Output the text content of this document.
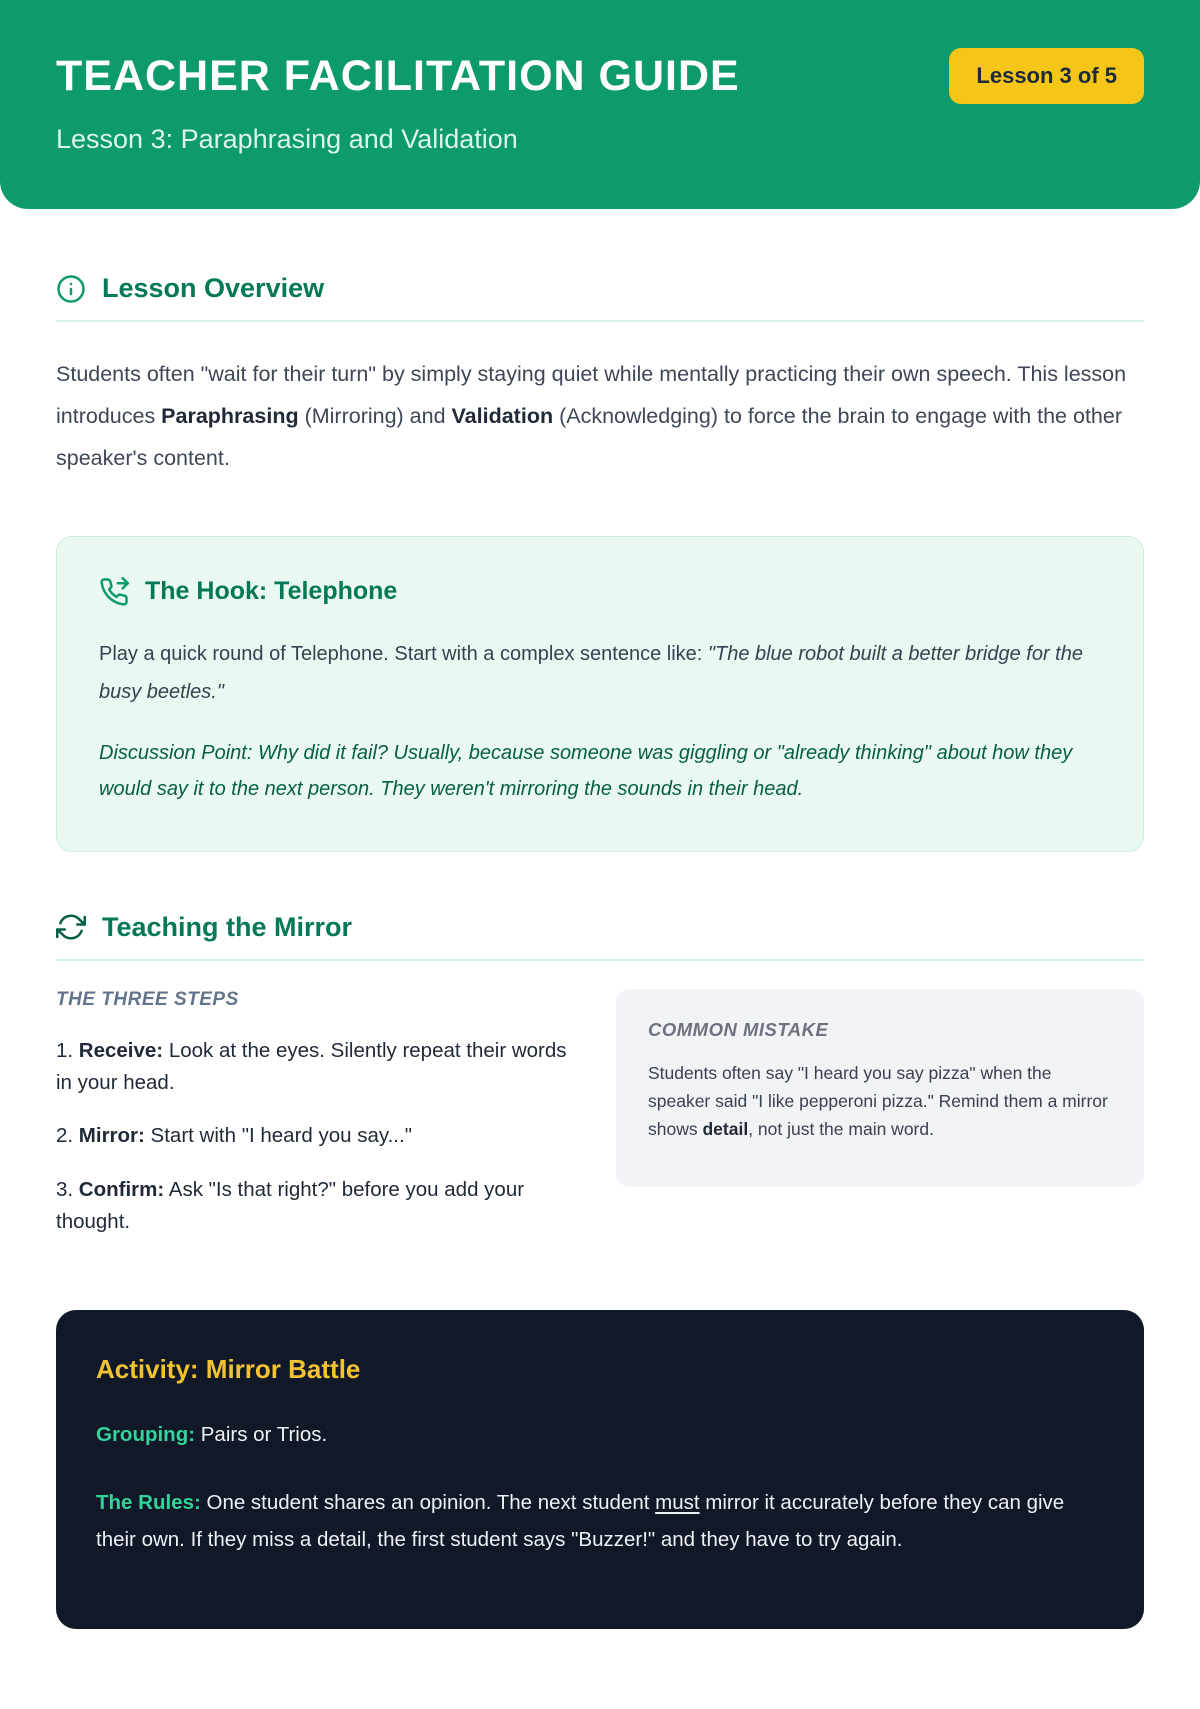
TEACHER FACILITATION GUIDE	Lesson 3 of 5
Lesson 3: Paraphrasing and Validation
Lesson Overview

Students often "wait for their turn" by simply staying quiet while mentally practicing their own speech. This lesson introduces Paraphrasing (Mirroring) and Validation (Acknowledging) to force the brain to engage with the other speaker's content.

The Hook: Telephone

Play a quick round of Telephone. Start with a complex sentence like: "The blue robot built a better bridge for the busy beetles."

Discussion Point: Why did it fail? Usually, because someone was giggling or "already thinking" about how they would say it to the next person. They weren't mirroring the sounds in their head.

Teaching the Mirror
THE THREE STEPS

1. Receive: Look at the eyes. Silently repeat their words in your head.

2. Mirror: Start with "I heard you say..."

3. Confirm: Ask "Is that right?" before you add your thought.

COMMON MISTAKE

Students often say "I heard you say pizza" when the speaker said "I like pepperoni pizza." Remind them a mirror shows detail, not just the main word.

Activity: Mirror Battle

Grouping: Pairs or Trios.

The Rules: One student shares an opinion. The next student must mirror it accurately before they can give their own. If they miss a detail, the first student says "Buzzer!" and they have to try again.
